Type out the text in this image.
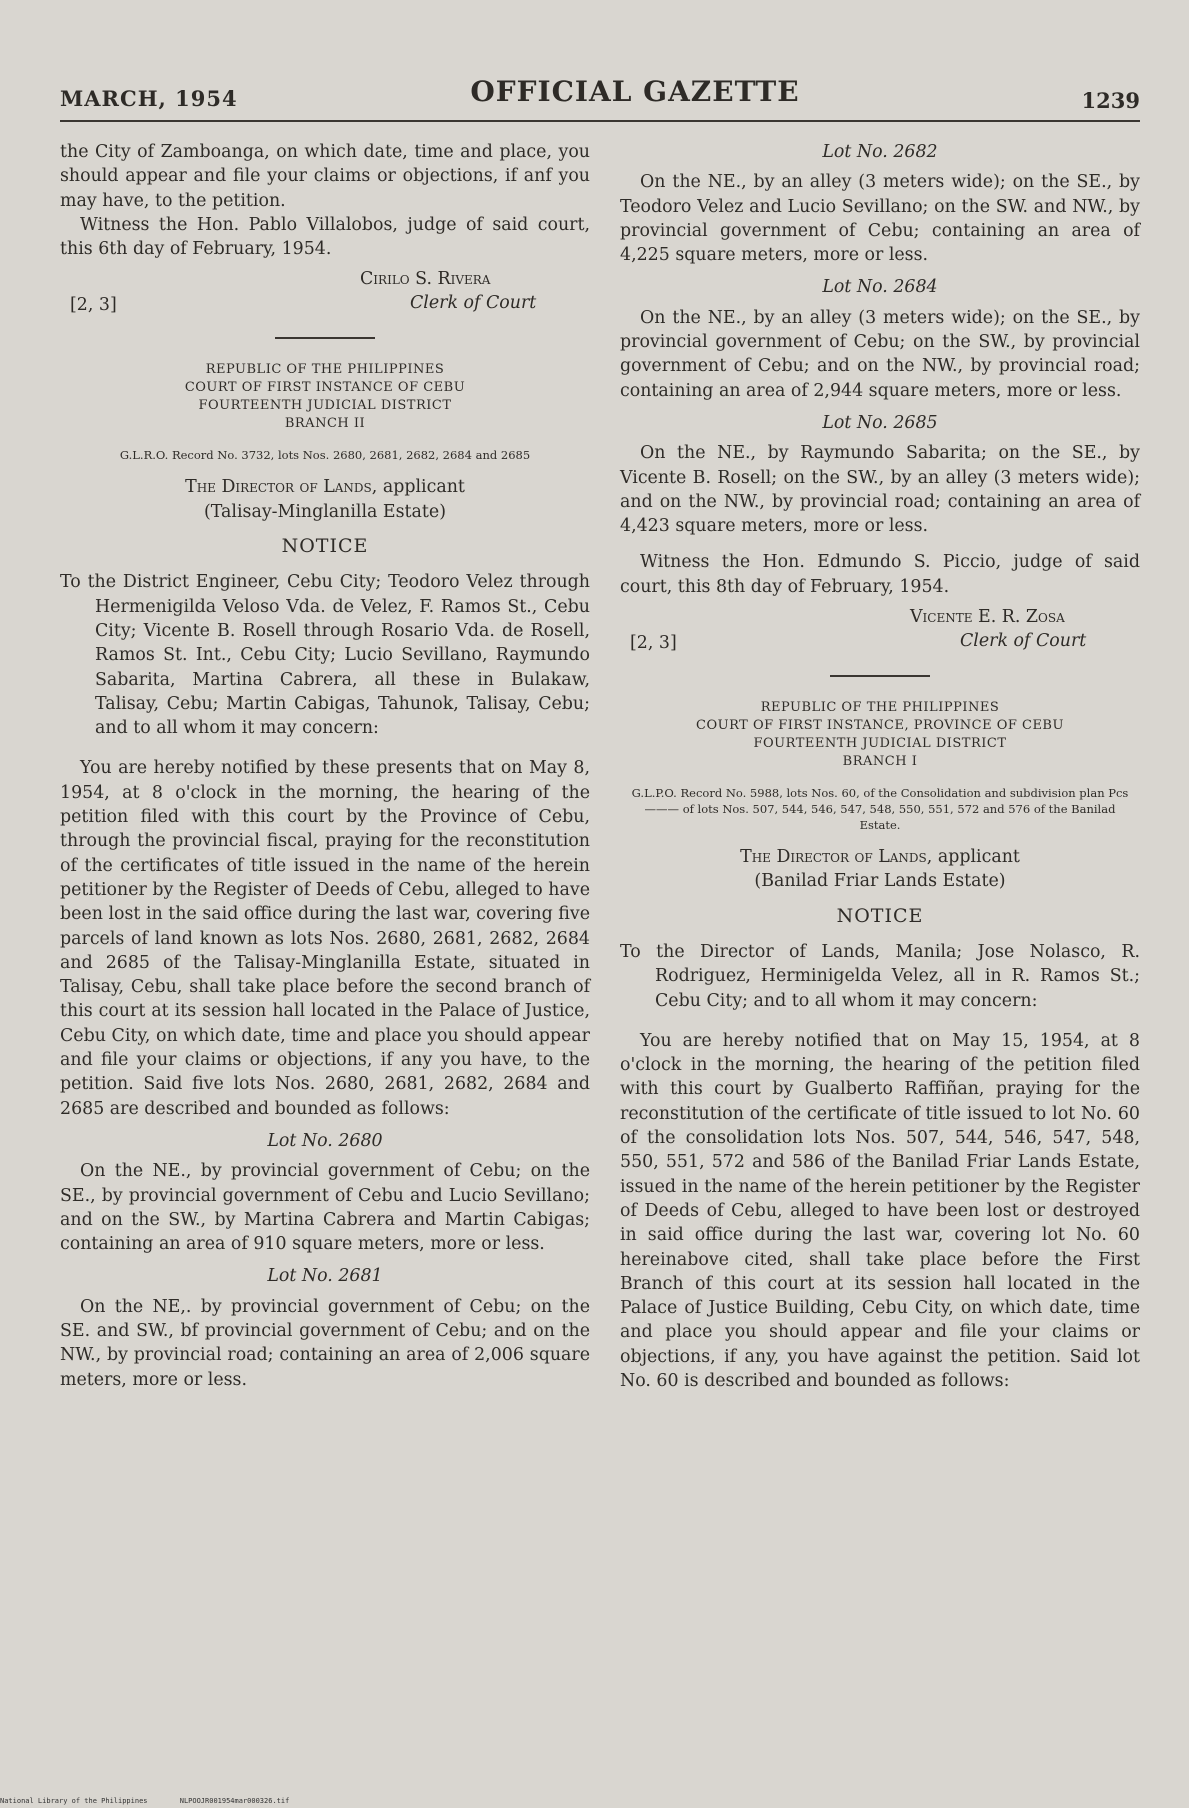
MARCH, 1954	OFFICIAL GAZETTE	1239

the City of Zamboanga, on which date, time and place, you should appear and file your claims or objections, if anf you may have, to the petition.

Witness the Hon. Pablo Villalobos, judge of said court, this 6th day of February, 1954.

Cirilo S. Rivera
Clerk of Court
[2, 3]
REPUBLIC OF THE PHILIPPINES
COURT OF FIRST INSTANCE OF CEBU
FOURTEENTH JUDICIAL DISTRICT
BRANCH II
G.L.R.O. Record No. 3732, lots Nos. 2680, 2681, 2682, 2684 and 2685
The Director of Lands, applicant
(Talisay-Minglanilla Estate)
NOTICE

To the District Engineer, Cebu City; Teodoro Velez through Hermenigilda Veloso Vda. de Velez, F. Ramos St., Cebu City; Vicente B. Rosell through Rosario Vda. de Rosell, Ramos St. Int., Cebu City; Lucio Sevillano, Raymundo Sabarita, Martina Cabrera, all these in Bulakaw, Talisay, Cebu; Martin Cabigas, Tahunok, Talisay, Cebu; and to all whom it may concern:

You are hereby notified by these presents that on May 8, 1954, at 8 o'clock in the morning, the hearing of the petition filed with this court by the Province of Cebu, through the provincial fiscal, praying for the reconstitution of the certificates of title issued in the name of the herein petitioner by the Register of Deeds of Cebu, alleged to have been lost in the said office during the last war, covering five parcels of land known as lots Nos. 2680, 2681, 2682, 2684 and 2685 of the Talisay-Minglanilla Estate, situated in Talisay, Cebu, shall take place before the second branch of this court at its session hall located in the Palace of Justice, Cebu City, on which date, time and place you should appear and file your claims or objections, if any you have, to the petition. Said five lots Nos. 2680, 2681, 2682, 2684 and 2685 are described and bounded as follows:

Lot No. 2680

On the NE., by provincial government of Cebu; on the SE., by provincial government of Cebu and Lucio Sevillano; and on the SW., by Martina Cabrera and Martin Cabigas; containing an area of 910 square meters, more or less.

Lot No. 2681

On the NE,. by provincial government of Cebu; on the SE. and SW., bf provincial government of Cebu; and on the NW., by provincial road; containing an area of 2,006 square meters, more or less.

Lot No. 2682

On the NE., by an alley (3 meters wide); on the SE., by Teodoro Velez and Lucio Sevillano; on the SW. and NW., by provincial government of Cebu; containing an area of 4,225 square meters, more or less.

Lot No. 2684

On the NE., by an alley (3 meters wide); on the SE., by provincial government of Cebu; on the SW., by provincial government of Cebu; and on the NW., by provincial road; containing an area of 2,944 square meters, more or less.

Lot No. 2685

On the NE., by Raymundo Sabarita; on the SE., by Vicente B. Rosell; on the SW., by an alley (3 meters wide); and on the NW., by provincial road; containing an area of 4,423 square meters, more or less.

Witness the Hon. Edmundo S. Piccio, judge of said court, this 8th day of February, 1954.

Vicente E. R. Zosa
Clerk of Court
[2, 3]
REPUBLIC OF THE PHILIPPINES
COURT OF FIRST INSTANCE, PROVINCE OF CEBU
FOURTEENTH JUDICIAL DISTRICT
BRANCH I
G.L.P.O. Record No. 5988, lots Nos. 60, of the Consolidation and subdivision plan Pcs——— of lots Nos. 507, 544, 546, 547, 548, 550, 551, 572 and 576 of the Banilad Estate.
The Director of Lands, applicant
(Banilad Friar Lands Estate)
NOTICE

To the Director of Lands, Manila; Jose Nolasco, R. Rodriguez, Herminigelda Velez, all in R. Ramos St.; Cebu City; and to all whom it may concern:

You are hereby notified that on May 15, 1954, at 8 o'clock in the morning, the hearing of the petition filed with this court by Gualberto Raffiñan, praying for the reconstitution of the certificate of title issued to lot No. 60 of the consolidation lots Nos. 507, 544, 546, 547, 548, 550, 551, 572 and 586 of the Banilad Friar Lands Estate, issued in the name of the herein petitioner by the Register of Deeds of Cebu, alleged to have been lost or destroyed in said office during the last war, covering lot No. 60 hereinabove cited, shall take place before the First Branch of this court at its session hall located in the Palace of Justice Building, Cebu City, on which date, time and place you should appear and file your claims or objections, if any, you have against the petition. Said lot No. 60 is described and bounded as follows:

National Library of the Philippines	NLPOOJR001954mar000326.tif
